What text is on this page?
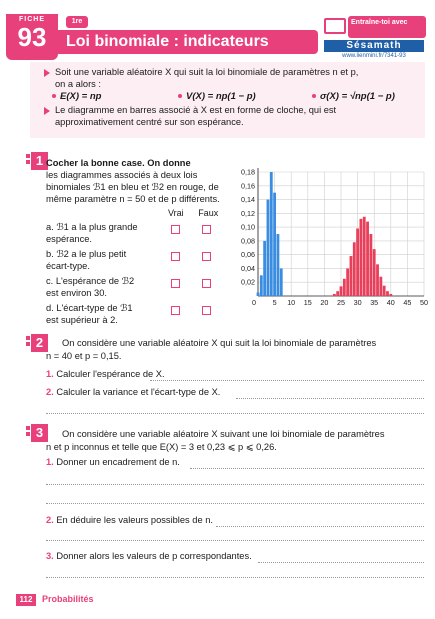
FICHE
93
1re
Loi binomiale : indicateurs
Entraîne-toi avec
Sésamath
www.lienmini.fr/7341-93

Soit une variable aléatoire X qui suit la loi binomiale de paramètres n et p,

on a alors :

E(X) = np	V(X) = np(1 − p)	σ(X) = √np(1 − p)

Le diagramme en barres associé à X est en forme de cloche, qui est

approximativement centré sur son espérance.

1 Cocher la bonne case. On donne
les diagrammes associés à deux lois
binomiales ℬ1 en bleu et ℬ2 en rouge, de
même paramètre n = 50 et de p différents.
Vrai Faux
a. ℬ1 a la plus grande
espérance.
b. ℬ2 a le plus petit
écart-type.
c. L'espérance de ℬ2
est environ 30.
d. L'écart-type de ℬ1
est supérieur à 2.
0,02
0,04
0,06
0,08
0,10
0,12
0,14
0,16
0,18
0 5 10 15 20 25 30 35 40 45 50
2	On considère une variable aléatoire X qui suit la loi binomiale de paramètres
n = 40 et p = 0,15.
1. Calculer l'espérance de X.
2. Calculer la variance et l'écart-type de X.
3	On considère une variable aléatoire X suivant une loi binomiale de paramètres
n et p inconnus et telle que E(X) = 3 et 0,23 ⩽ p ⩽ 0,26.
1. Donner un encadrement de n.
2. En déduire les valeurs possibles de n.
3. Donner alors les valeurs de p correspondantes.
112	Probabilités
